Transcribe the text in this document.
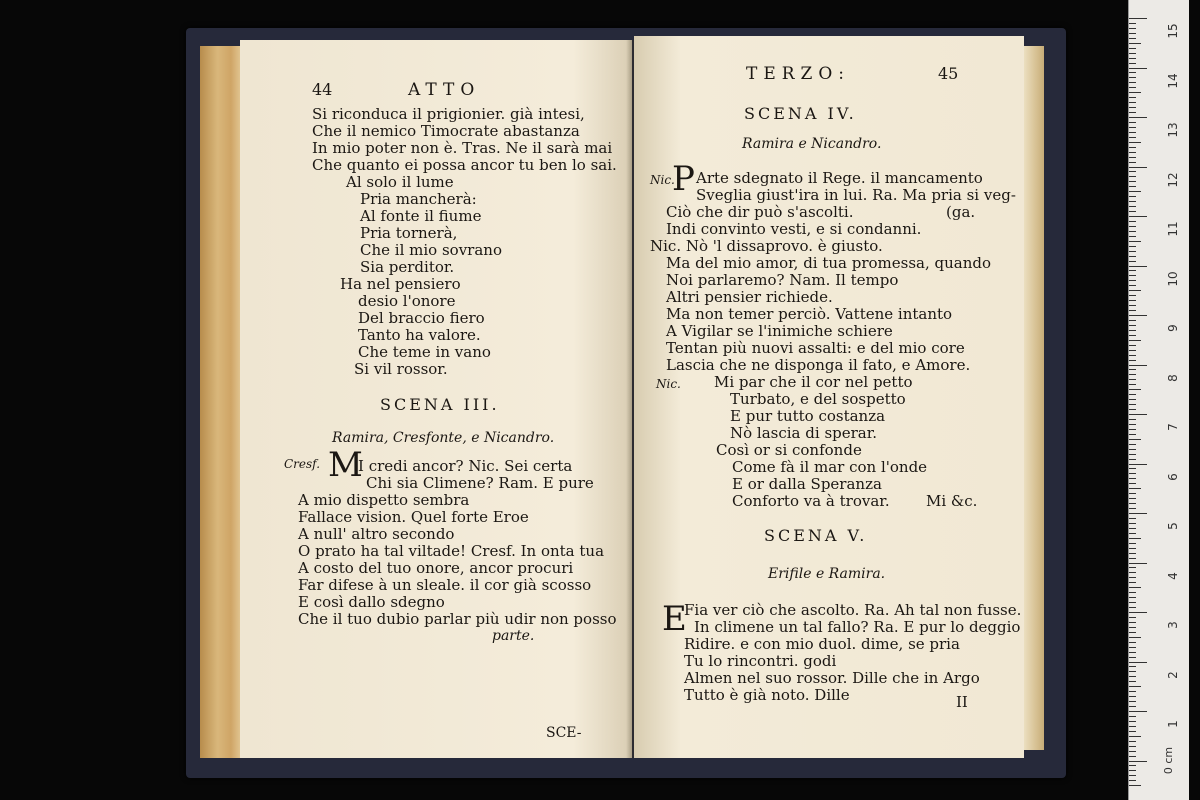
44	ATTO
Si riconduca il prigionier. già intesi,
Che il nemico Timocrate abastanza
In mio poter non è. Tras. Ne il sarà mai
Che quanto ei possa ancor tu ben lo sai.
Al solo il lume
Pria mancherà:
Al fonte il fiume
Pria tornerà,
Che il mio sovrano
Sia perditor.
Ha nel pensiero
desio l'onore
Del braccio fiero
Tanto ha valore.
Che teme in vano
Si vil rossor.
SCENA III.
Ramira, Cresfonte, e Nicandro.
Cresf. M
I credi ancor? Nic. Sei certa
Chi sia Climene? Ram. E pure
A mio dispetto sembra
Fallace vision. Quel forte Eroe
A null' altro secondo
O prato ha tal viltade! Cresf. In onta tua
A costo del tuo onore, ancor procuri
Far difese à un sleale. il cor già scosso
E così dallo sdegno
Che il tuo dubio parlar più udir non posso
parte.
SCE-
TERZO:	45
SCENA IV.
Ramira e Nicandro.
Nic.
P Arte sdegnato il Rege. il mancamento
Sveglia giust'ira in lui. Ra. Ma pria si veg-
Ciò che dir può s'ascolti.	(ga.
Indi convinto vesti, e si condanni.
Nic. Nò 'l dissaprovo. è giusto.
Ma del mio amor, di tua promessa, quando
Noi parlaremo? Nam. Il tempo
Altri pensier richiede.
Ma non temer perciò. Vattene intanto
A Vigilar se l'inimiche schiere
Tentan più nuovi assalti: e del mio core
Lascia che ne disponga il fato, e Amore.
Nic. Mi par che il cor nel petto
Turbato, e del sospetto
E pur tutto costanza
Nò lascia di sperar.
Così or si confonde
Come fà il mar con l'onde
E or dalla Speranza
Conforto va à trovar. Mi &c.
SCENA V.
Erifile e Ramira.
E
Fia ver ciò che ascolto. Ra. Ah tal non fusse.
In climene un tal fallo? Ra. E pur lo deggio
Ridire. e con mio duol. dime, se pria
Tu lo rincontri. godi
Almen nel suo rossor. Dille che in Argo
Tutto è già noto. Dille	II
15
14
13
12
11
10
9
8
7
6
5
4
3
2
1
0 cm
